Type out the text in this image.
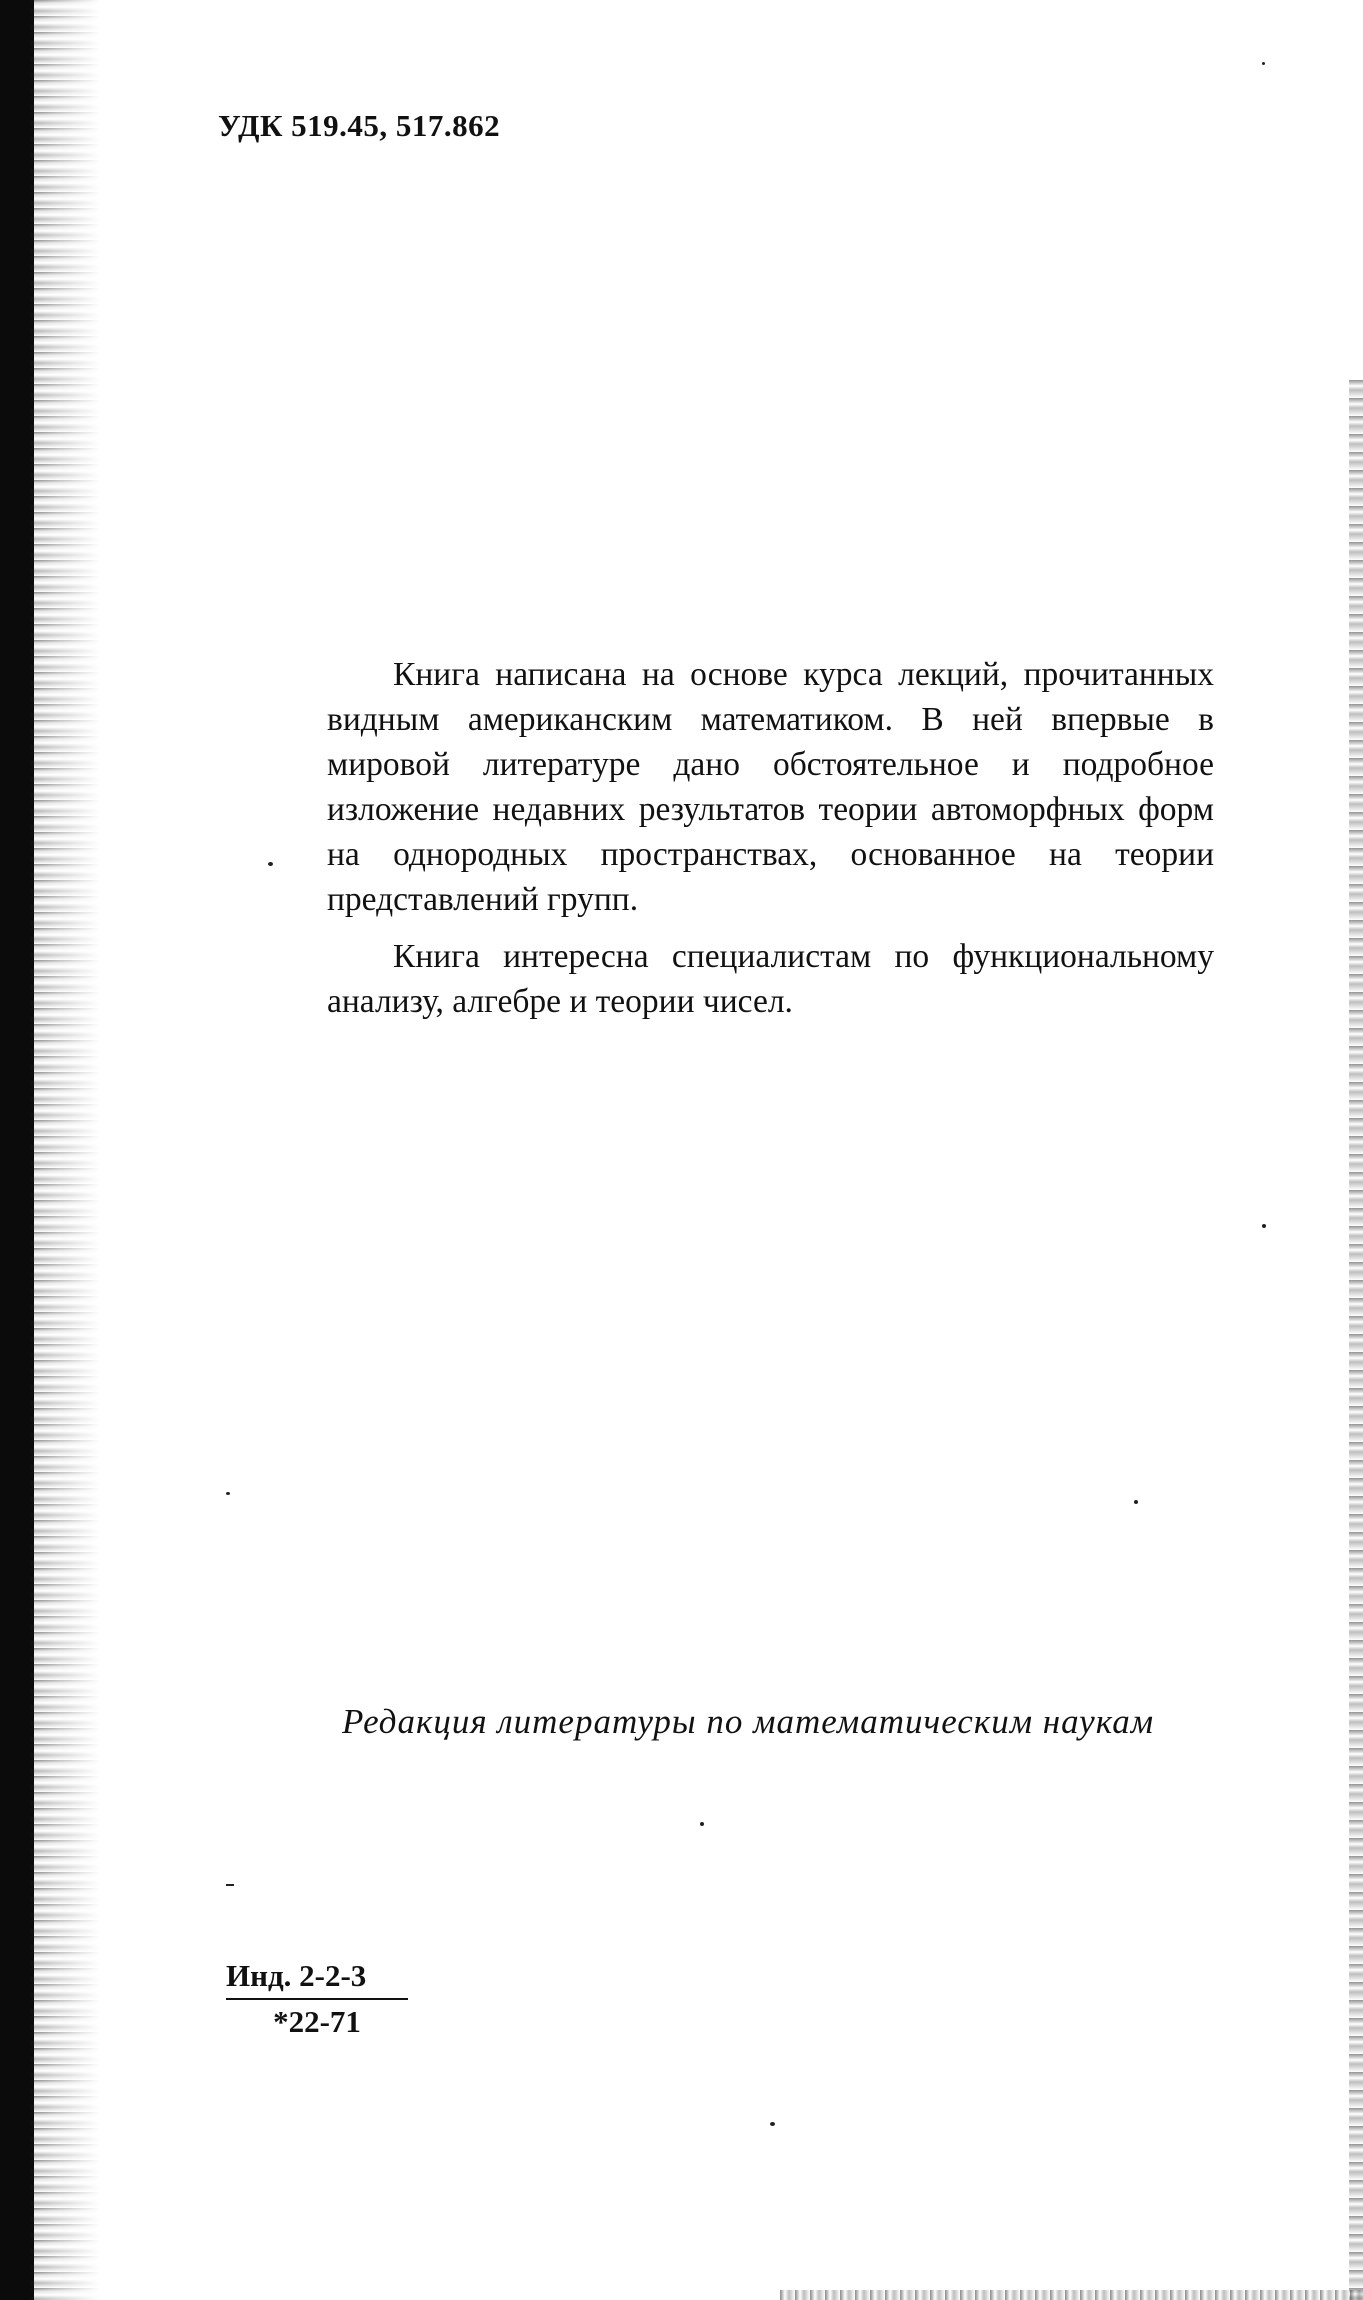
УДК 519.45, 517.862

Книга написана на основе курса лекций, прочитанных видным американским математиком. В ней впервые в мировой литературе дано обстоятельное и подробное изложение недавних результатов теории автоморфных форм на однородных пространствах, основанное на теории представлений групп.

Книга интересна специалистам по функциональному анализу, алгебре и теории чисел.

Редакция литературы по математическим наукам
Инд. 2-2-3
*22-71
